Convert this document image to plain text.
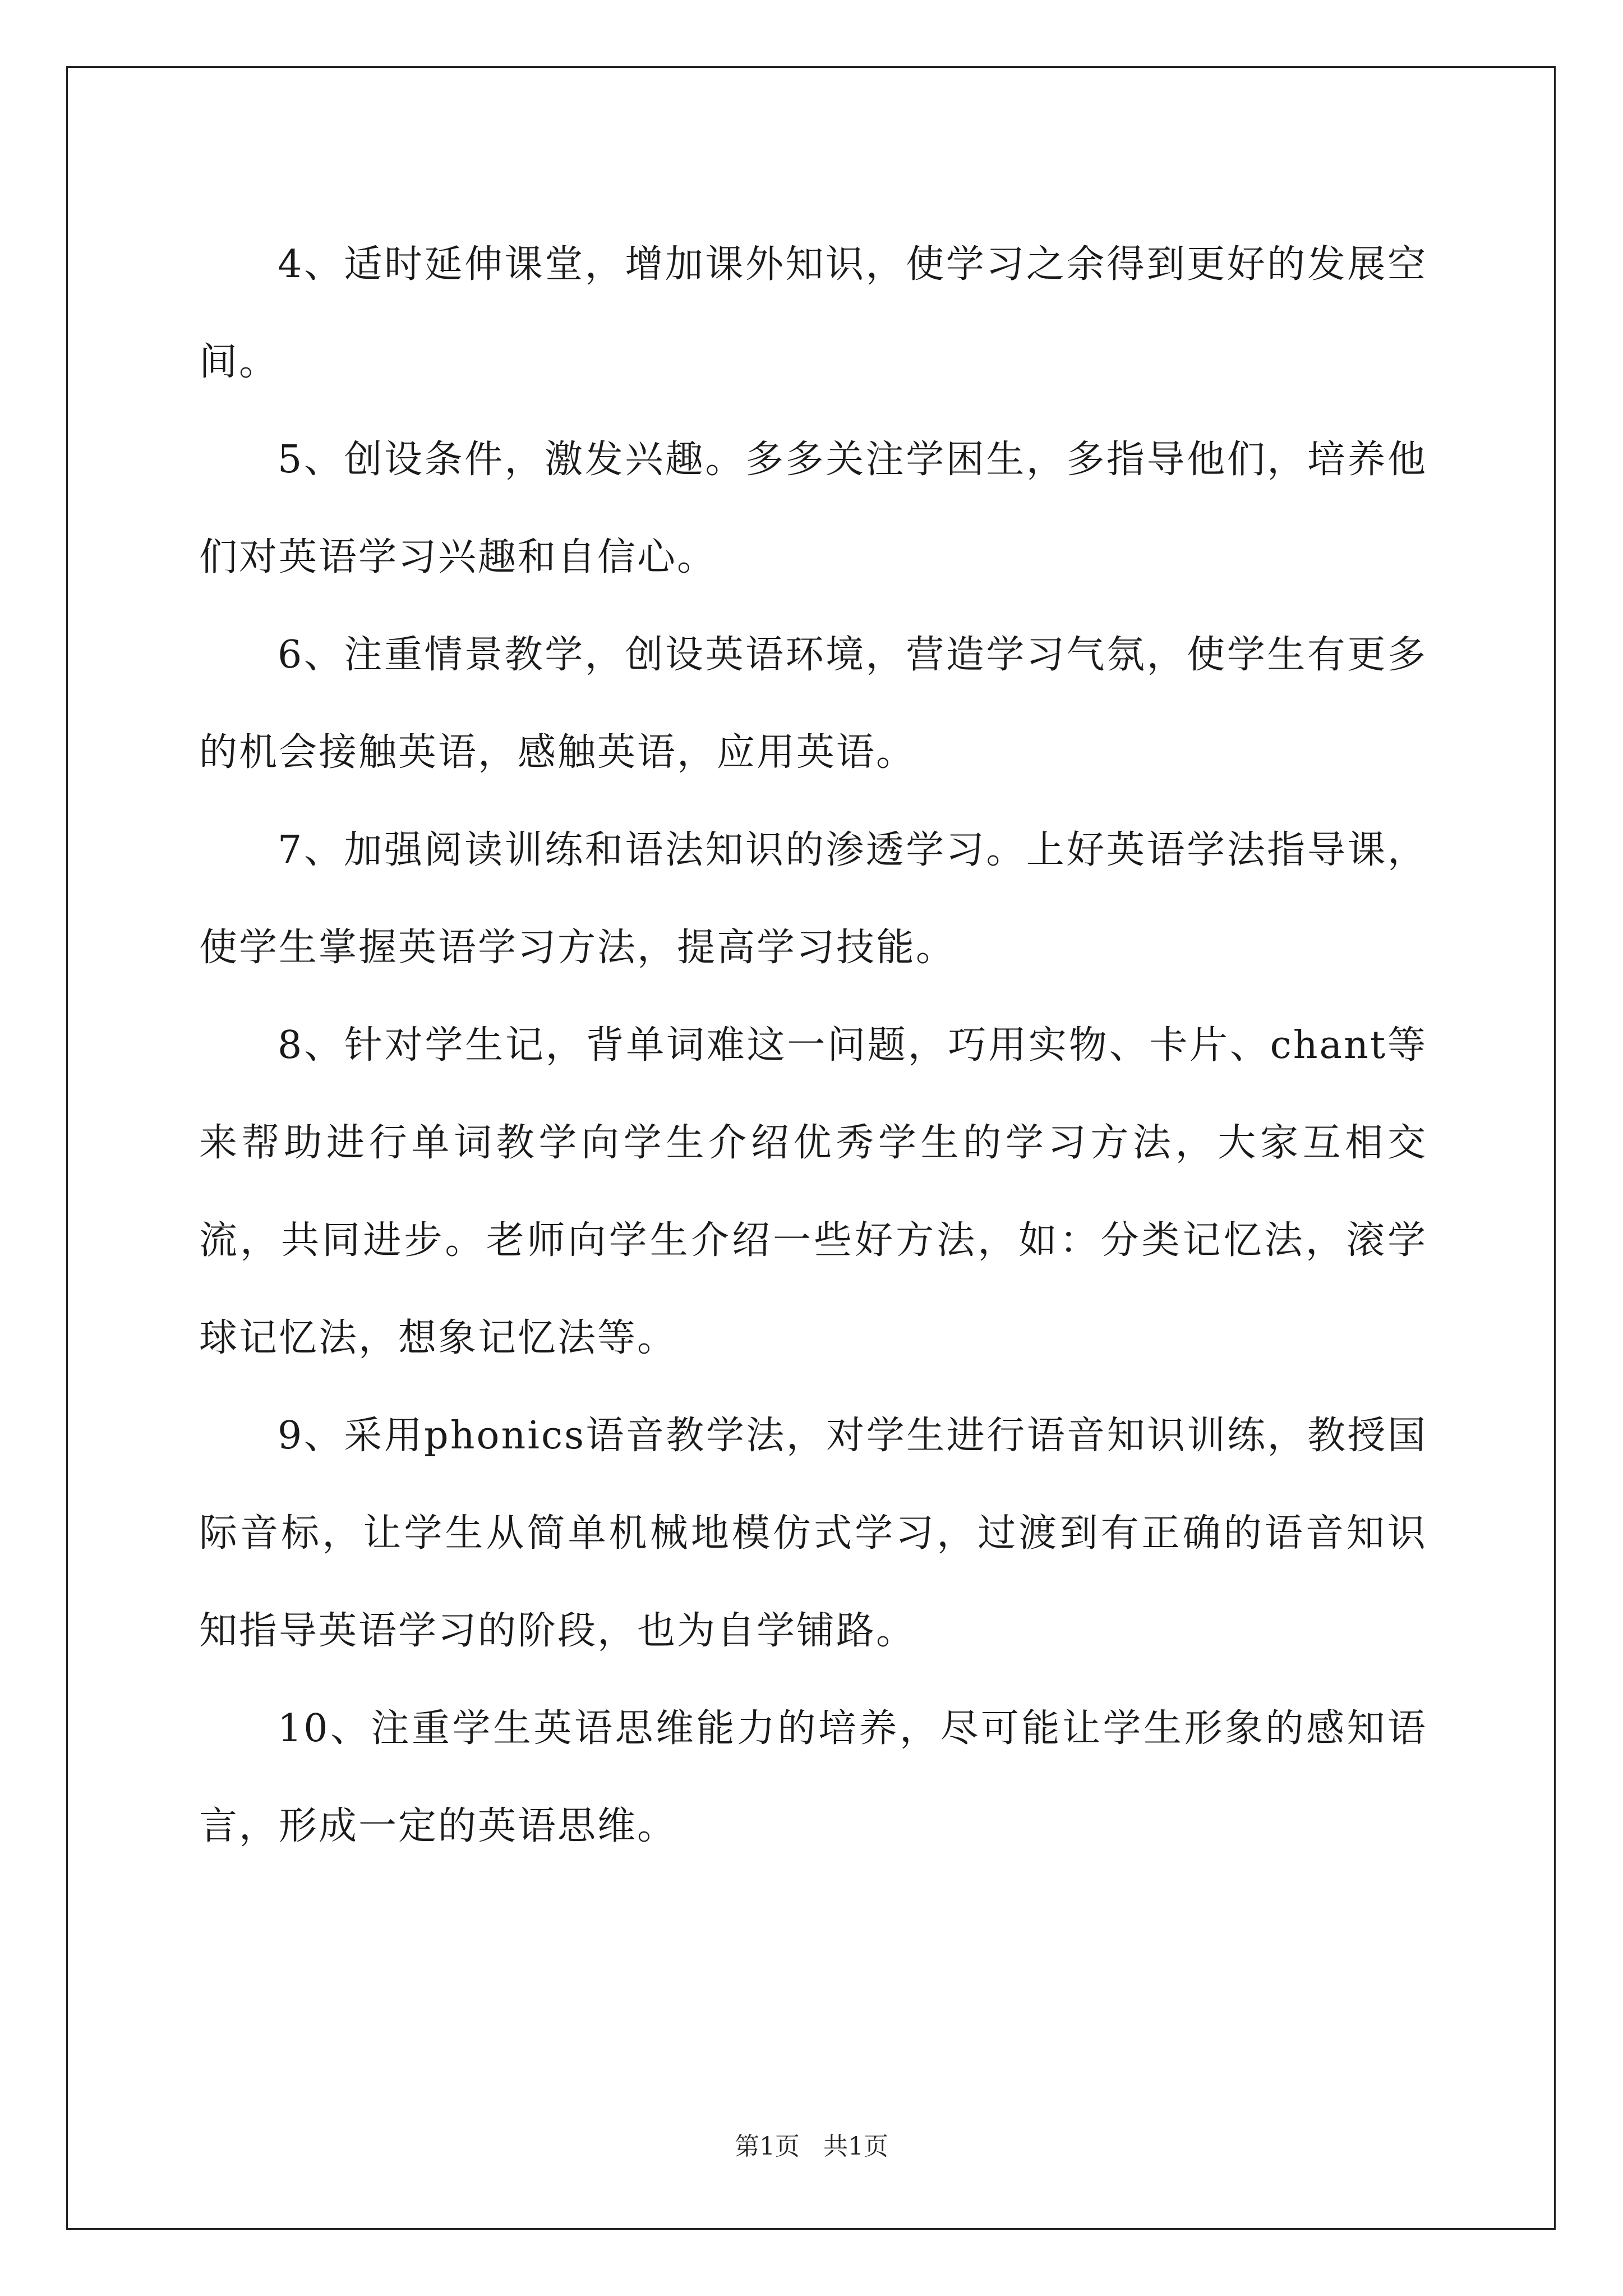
4、适时延伸课堂，增加课外知识，使学习之余得到更好的发展空间。

5、创设条件，激发兴趣。多多关注学困生，多指导他们，培养他们对英语学习兴趣和自信心。

6、注重情景教学，创设英语环境，营造学习气氛，使学生有更多的机会接触英语，感触英语，应用英语。

7、加强阅读训练和语法知识的渗透学习。上好英语学法指导课，使学生掌握英语学习方法，提高学习技能。

8、针对学生记，背单词难这一问题，巧用实物、卡片、chant等来帮助进行单词教学向学生介绍优秀学生的学习方法，大家互相交流，共同进步。老师向学生介绍一些好方法，如：分类记忆法，滚学球记忆法，想象记忆法等。

9、采用phonics语音教学法，对学生进行语音知识训练，教授国际音标，让学生从简单机械地模仿式学习，过渡到有正确的语音知识知指导英语学习的阶段，也为自学铺路。

10、注重学生英语思维能力的培养，尽可能让学生形象的感知语言，形成一定的英语思维。

第1页 共1页
